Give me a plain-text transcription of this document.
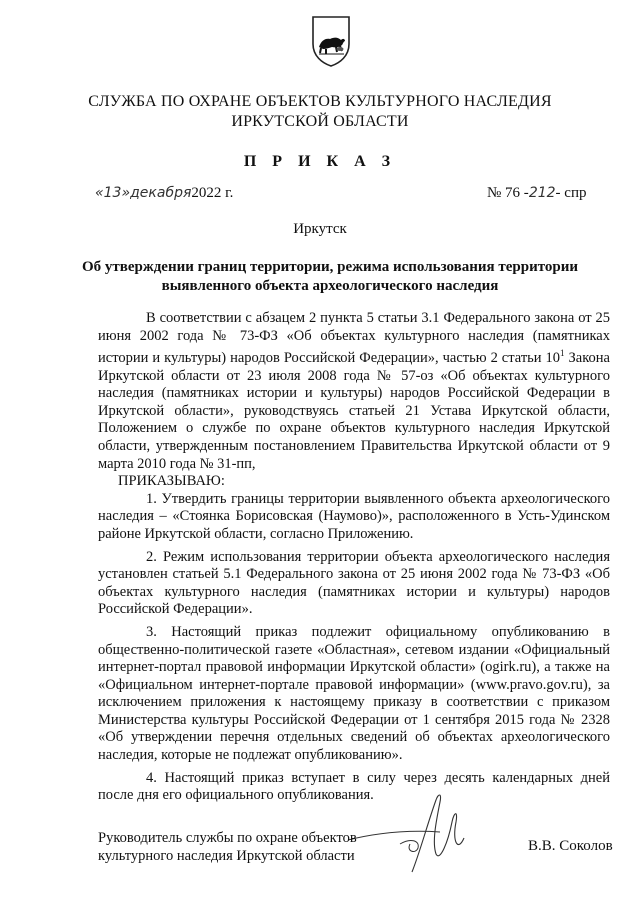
СЛУЖБА ПО ОХРАНЕ ОБЪЕКТОВ КУЛЬТУРНОГО НАСЛЕДИЯ
ИРКУТСКОЙ ОБЛАСТИ
П Р И К А З
«13»декабря2022 г.	№ 76 -212- спр
Иркутск
Об утверждении границ территории, режима использования территории
выявленного объекта археологического наследия

В соответствии с абзацем 2 пункта 5 статьи 3.1 Федерального закона от 25 июня 2002 года № 73-ФЗ «Об объектах культурного наследия (памятниках истории и культуры) народов Российской Федерации», частью 2 статьи $10^1$ Закона Иркутской области от 23 июля 2008 года № 57-оз «Об объектах культурного наследия (памятниках истории и культуры) народов Российской Федерации в Иркутской области», руководствуясь статьей 21 Устава Иркутской области, Положением о службе по охране объектов культурного наследия Иркутской области, утвержденным постановлением Правительства Иркутской области от 9 марта 2010 года № 31-пп,

ПРИКАЗЫВАЮ:

1. Утвердить границы территории выявленного объекта археологического наследия – «Стоянка Борисовская (Наумово)», расположенного в Усть-Удинском районе Иркутской области, согласно Приложению.

2. Режим использования территории объекта археологического наследия установлен статьей 5.1 Федерального закона от 25 июня 2002 года № 73-ФЗ «Об объектах культурного наследия (памятниках истории и культуры) народов Российской Федерации».

3. Настоящий приказ подлежит официальному опубликованию в общественно-политической газете «Областная», сетевом издании «Официальный интернет-портал правовой информации Иркутской области» (ogirk.ru), а также на «Официальном интернет-портале правовой информации» (www.pravo.gov.ru), за исключением приложения к настоящему приказу в соответствии с приказом Министерства культуры Российской Федерации от 1 сентября 2015 года № 2328 «Об утверждении перечня отдельных сведений об объектах археологического наследия, которые не подлежат опубликованию».

4. Настоящий приказ вступает в силу через десять календарных дней после дня его официального опубликования.

Руководитель службы по охране объектов
культурного наследия Иркутской области
В.В. Соколов
